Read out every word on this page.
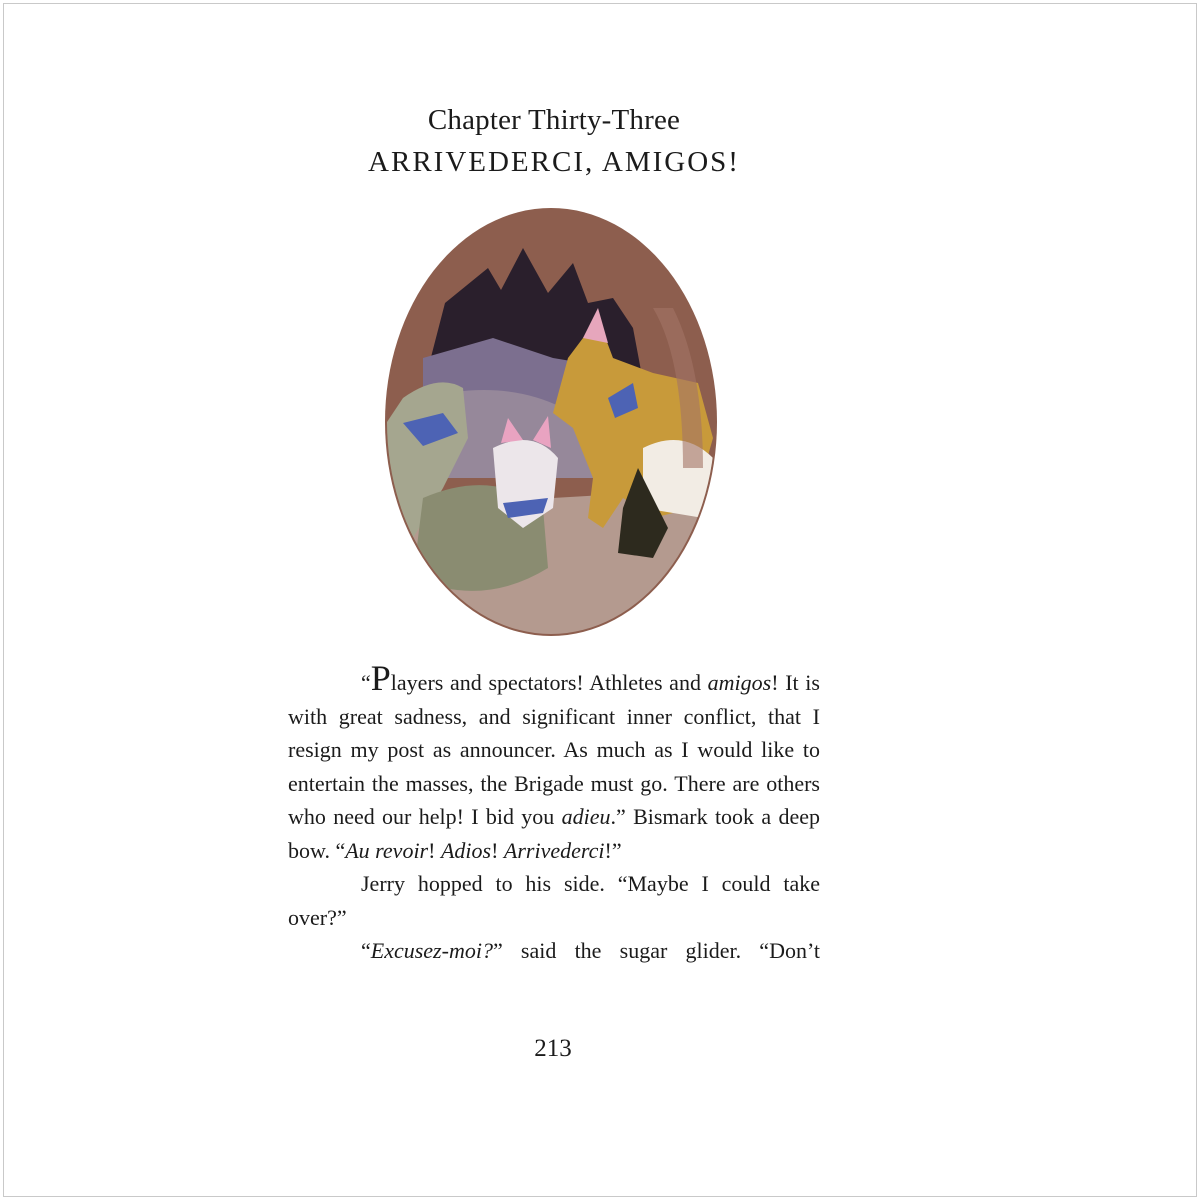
Chapter Thirty-Three
ARRIVEDERCI, AMIGOS!

“Players and spectators! Athletes and amigos! It is with great sadness, and significant inner conflict, that I resign my post as announcer. As much as I would like to entertain the masses, the Brigade must go. There are others who need our help! I bid you adieu.” Bismark took a deep bow. “Au revoir! Adios! Arrivederci!”

Jerry hopped to his side. “Maybe I could take over?”

“Excusez-moi?” said the sugar glider. “Don’t

213
